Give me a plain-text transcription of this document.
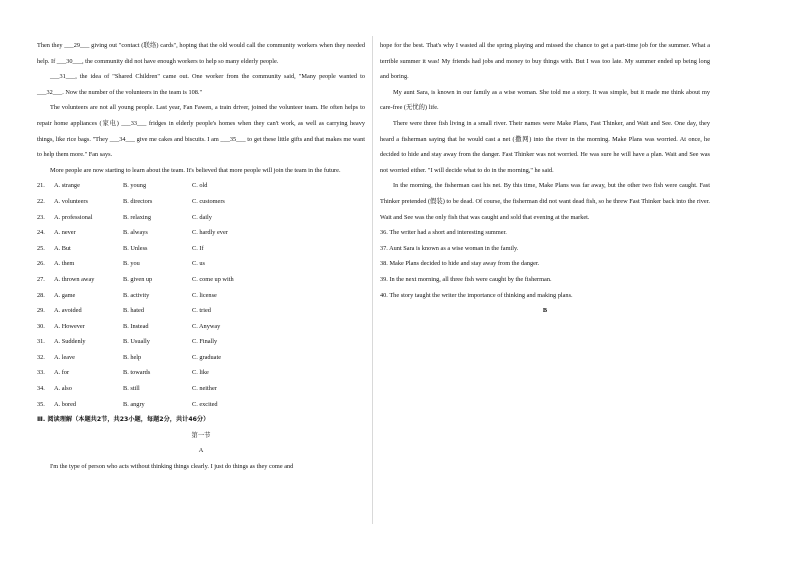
Then they ___29___ giving out "contact (联络) cards", hoping that the old would call the community workers when they needed help. If ___30___, the community did not have enough workers to help so many elderly people.

___31___, the idea of "Shared Children" came out. One worker from the community said, "Many people wanted to ___32___. Now the number of the volunteers in the team is 108."

The volunteers are not all young people. Last year, Fan Fawen, a train driver, joined the volunteer team. He often helps to repair home appliances (家电) ___33___ fridges in elderly people's homes when they can't work, as well as carrying heavy things, like rice bags. "They ___34___ give me cakes and biscuits. I am ___35___ to get these little gifts and that makes me want to help them more." Fan says.

More people are now starting to learn about the team. It's believed that more people will join the team in the future.

21.	A. strange	B. young	C. old
22.	A. volunteers	B. directors	C. customers
23.	A. professional	B. relaxing	C. daily
24.	A. never	B. always	C. hardly ever
25.	A. But	B. Unless	C. If
26.	A. them	B. you	C. us
27.	A. thrown away	B. given up	C. come up with
28.	A. game	B. activity	C. license
29.	A. avoided	B. hated	C. tried
30.	A. However	B. Instead	C. Anyway
31.	A. Suddenly	B. Usually	C. Finally
32.	A. leave	B. help	C. graduate
33.	A. for	B. towards	C. like
34.	A. also	B. still	C. neither
35.	A. bored	B. angry	C. excited
Ⅲ. 阅读理解（本题共2节，共23小题，每题2分，共计46分）
第一节
A

I'm the type of person who acts without thinking things clearly. I just do things as they come and

hope for the best. That's why I wasted all the spring playing and missed the chance to get a part-time job for the summer. What a terrible summer it was! My friends had jobs and money to buy things with. But I was too late. My summer ended up being long and boring.

My aunt Sara, is known in our family as a wise woman. She told me a story. It was simple, but it made me think about my care-free (无忧的) life.

There were three fish living in a small river. Their names were Make Plans, Fast Thinker, and Wait and See. One day, they heard a fisherman saying that he would cast a net (撒网) into the river in the morning. Make Plans was worried. At once, he decided to hide and stay away from the danger. Fast Thinker was not worried. He was sure he will have a plan. Wait and See was not worried either. "I will decide what to do in the morning," he said.

In the morning, the fisherman cast his net. By this time, Make Plans was far away, but the other two fish were caught. Fast Thinker pretended (假装) to be dead. Of course, the fisherman did not want dead fish, so he threw Fast Thinker back into the river. Wait and See was the only fish that was caught and sold that evening at the market.

36. The writer had a short and interesting summer.
37. Aunt Sara is known as a wise woman in the family.
38. Make Plans decided to hide and stay away from the danger.
39. In the next morning, all three fish were caught by the fisherman.
40. The story taught the writer the importance of thinking and making plans.
B
